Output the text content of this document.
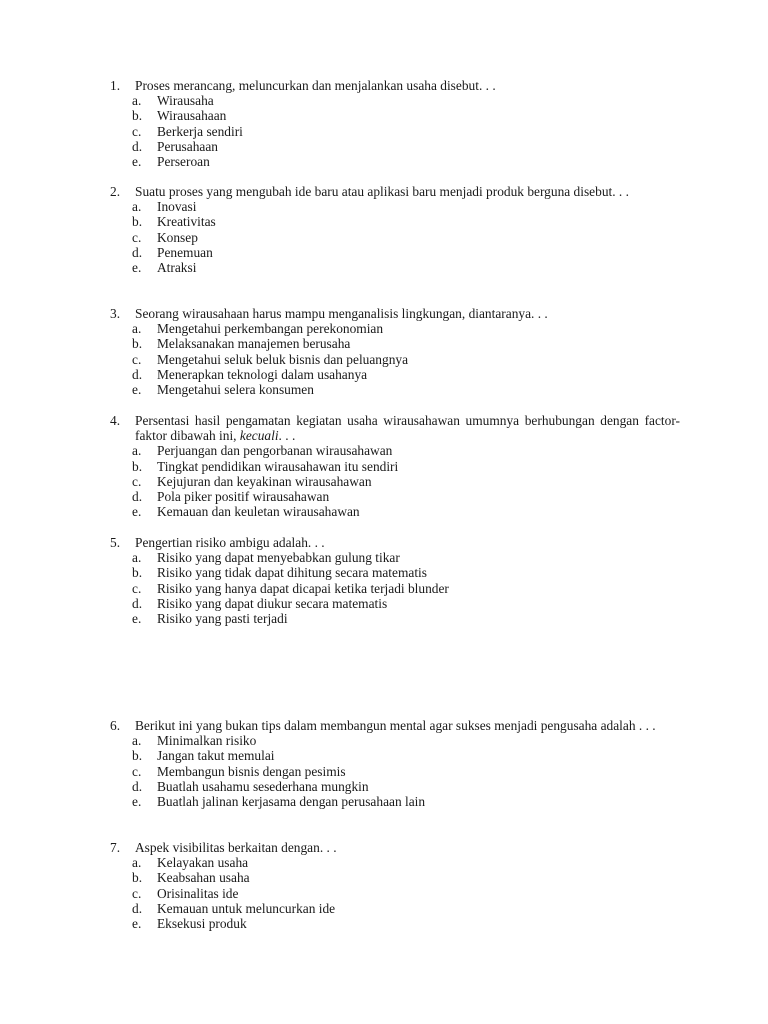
1. Proses merancang, meluncurkan dan menjalankan usaha disebut. . .
a. Wirausaha
b. Wirausahaan
c. Berkerja sendiri
d. Perusahaan
e. Perseroan
2. Suatu proses yang mengubah ide baru atau aplikasi baru menjadi produk berguna disebut. . .
a. Inovasi
b. Kreativitas
c. Konsep
d. Penemuan
e. Atraksi
3. Seorang wirausahaan harus mampu menganalisis lingkungan, diantaranya. . .
a. Mengetahui perkembangan perekonomian
b. Melaksanakan manajemen berusaha
c. Mengetahui seluk beluk bisnis dan peluangnya
d. Menerapkan teknologi dalam usahanya
e. Mengetahui selera konsumen
4. Persentasi hasil pengamatan kegiatan usaha wirausahawan umumnya berhubungan dengan factor-faktor dibawah ini, kecuali. . .
a. Perjuangan dan pengorbanan wirausahawan
b. Tingkat pendidikan wirausahawan itu sendiri
c. Kejujuran dan keyakinan wirausahawan
d. Pola piker positif wirausahawan
e. Kemauan dan keuletan wirausahawan
5. Pengertian risiko ambigu adalah. . .
a. Risiko yang dapat menyebabkan gulung tikar
b. Risiko yang tidak dapat dihitung secara matematis
c. Risiko yang hanya dapat dicapai ketika terjadi blunder
d. Risiko yang dapat diukur secara matematis
e. Risiko yang pasti terjadi
6. Berikut ini yang bukan tips dalam membangun mental agar sukses menjadi pengusaha adalah . . .
a. Minimalkan risiko
b. Jangan takut memulai
c. Membangun bisnis dengan pesimis
d. Buatlah usahamu sesederhana mungkin
e. Buatlah jalinan kerjasama dengan perusahaan lain
7. Aspek visibilitas berkaitan dengan. . .
a. Kelayakan usaha
b. Keabsahan usaha
c. Orisinalitas ide
d. Kemauan untuk meluncurkan ide
e. Eksekusi produk
